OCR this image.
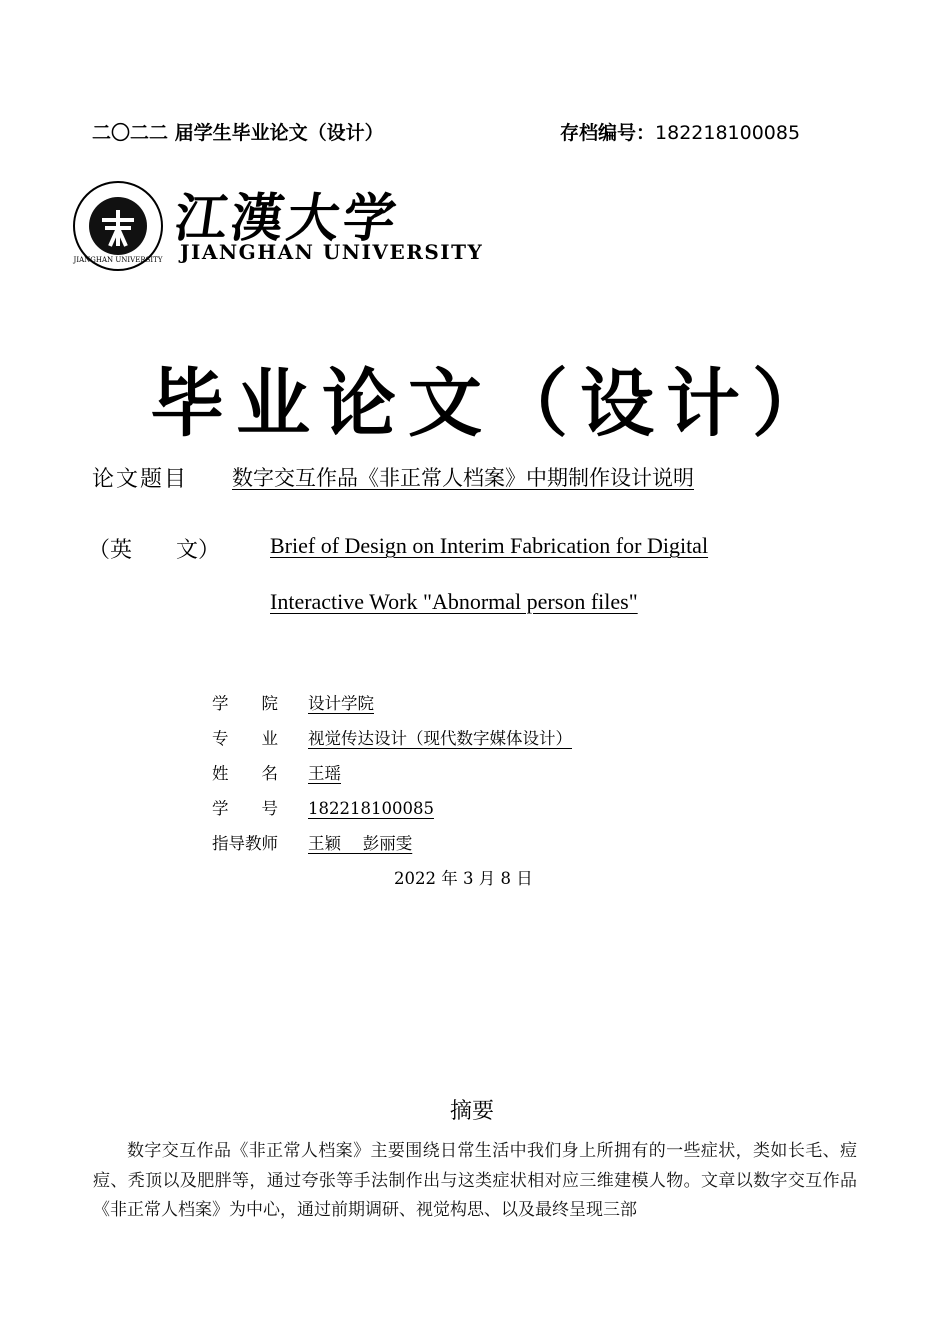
二〇二二 届学生毕业论文（设计）	存档编号：182218100085
JIANGHAN UNIVERSITY
江漢大学
JIANGHAN UNIVERSITY
毕业论文（设计）
论文题目 数字交互作品《非正常人档案》中期制作设计说明
（英　　文） Brief of Design on Interim Fabrication for Digital
Interactive Work "Abnormal person files"
学　　院 设计学院
专　　业 视觉传达设计（现代数字媒体设计）
姓　　名 王瑶
学　　号 182218100085
指导教师 王颖　 彭丽雯
2022 年 3 月 8 日
摘要
数字交互作品《非正常人档案》主要围绕日常生活中我们身上所拥有的一些症状，类如长毛、痘痘、秃顶以及肥胖等，通过夸张等手法制作出与这类症状相对应三维建模人物。文章以数字交互作品《非正常人档案》为中心，通过前期调研、视觉构思、以及最终呈现三部
